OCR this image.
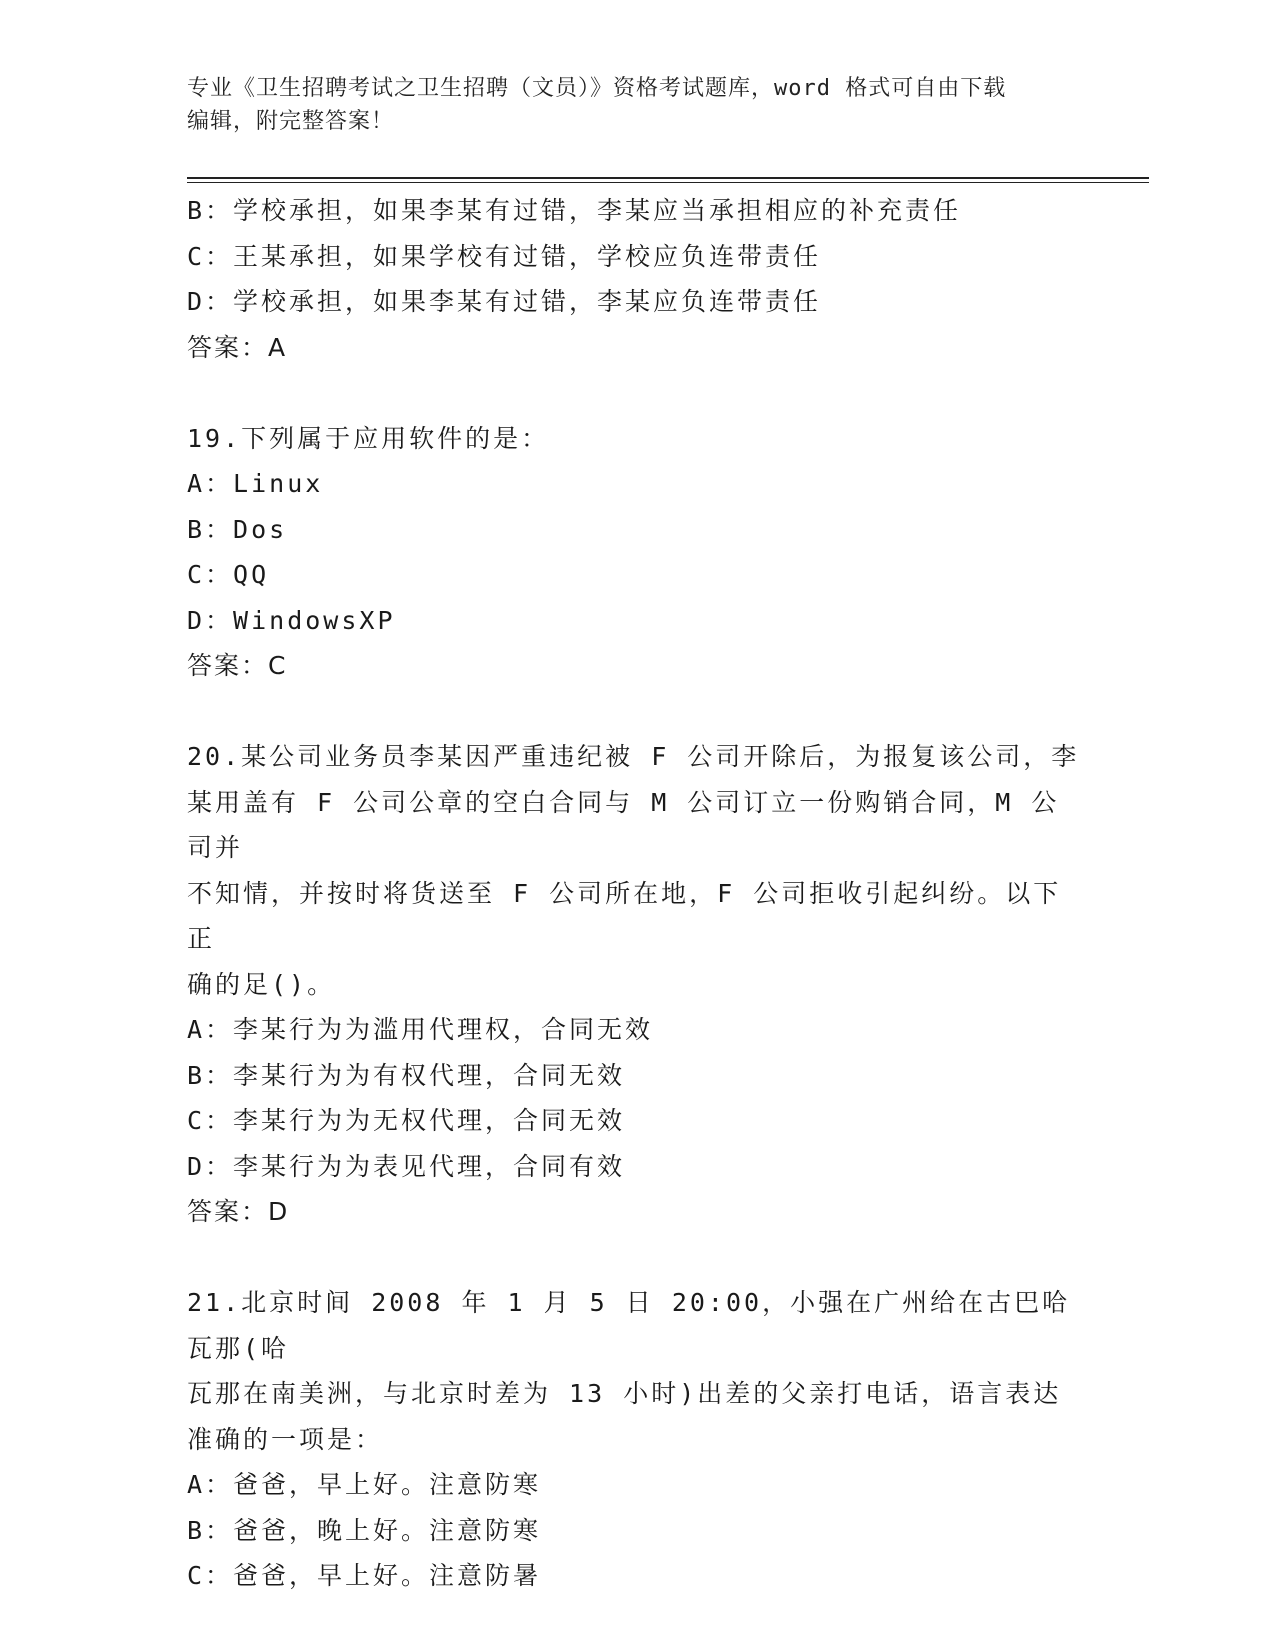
专业《卫生招聘考试之卫生招聘（文员）》资格考试题库，word 格式可自由下载
编辑，附完整答案！

B：学校承担，如果李某有过错，李某应当承担相应的补充责任

C：王某承担，如果学校有过错，学校应负连带责任

D：学校承担，如果李某有过错，李某应负连带责任

答案：A

19.下列属于应用软件的是：

A：Linux

B：Dos

C：QQ

D：WindowsXP

答案：C

20.某公司业务员李某因严重违纪被 F 公司开除后，为报复该公司，李

某用盖有 F 公司公章的空白合同与 M 公司订立一份购销合同，M 公司并

不知情，并按时将货送至 F 公司所在地，F 公司拒收引起纠纷。以下正

确的足()。

A：李某行为为滥用代理权，合同无效

B：李某行为为有权代理，合同无效

C：李某行为为无权代理，合同无效

D：李某行为为表见代理，合同有效

答案：D

21.北京时间 2008 年 1 月 5 日 20:00，小强在广州给在古巴哈瓦那(哈

瓦那在南美洲，与北京时差为 13 小时)出差的父亲打电话，语言表达

准确的一项是：

A：爸爸，早上好。注意防寒

B：爸爸，晚上好。注意防寒

C：爸爸，早上好。注意防暑
